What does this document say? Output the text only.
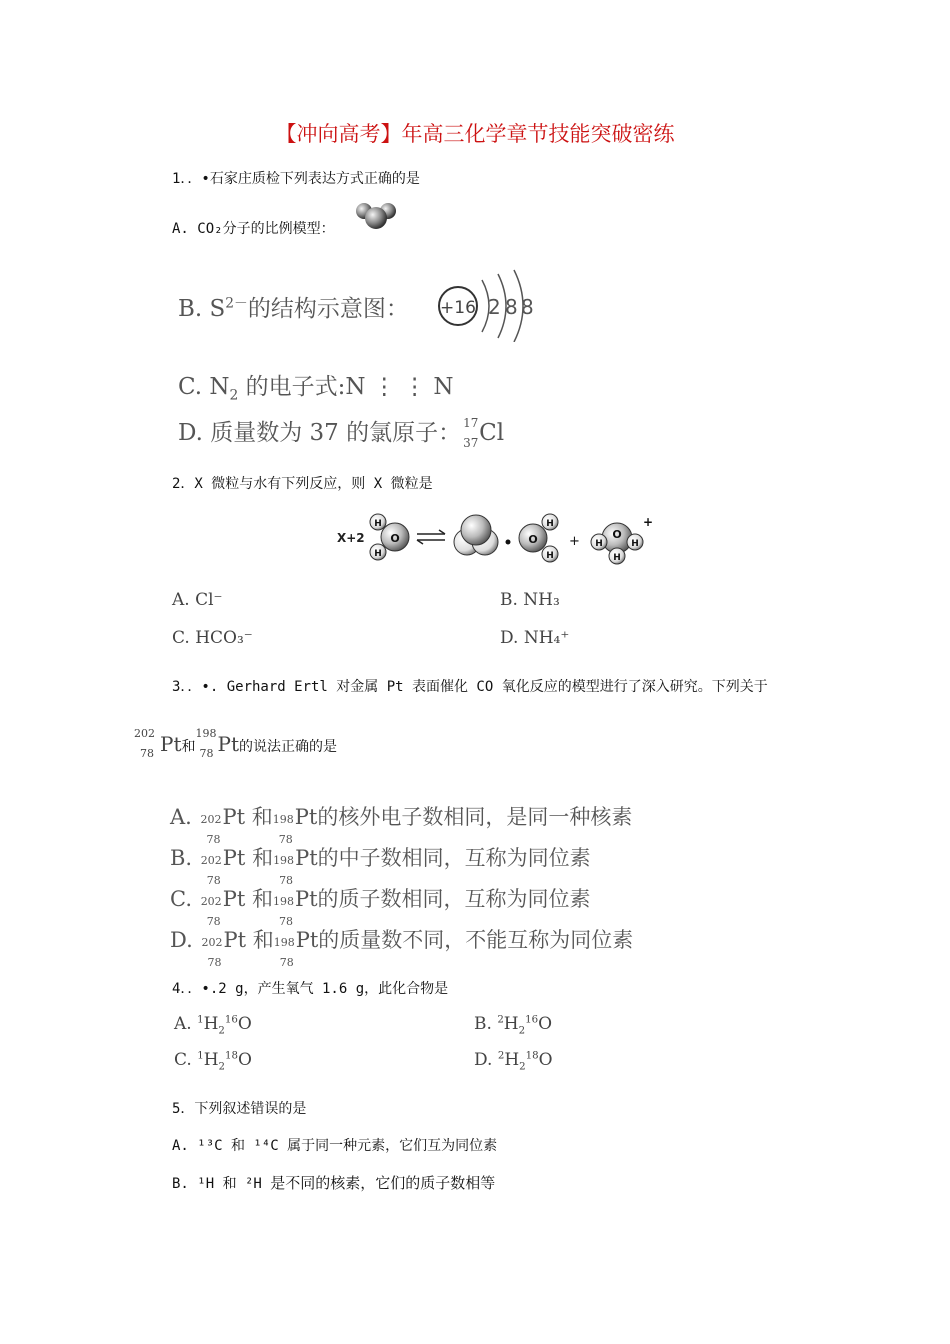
【冲向高考】年高三化学章节技能突破密练
1．．•石家庄质检下列表达方式正确的是
A. CO₂分子的比例模型：
B. $S^{2-}$的结构示意图： +16 2 8 8
C. $N_2$ 的电子式:N ⋮ ⋮ N
D. 质量数为 37 的氯原子： 17
37 Cl
2．X 微粒与水有下列反应，则 X 微粒是
X+2 O
H
H
O
H
H
+	O
H	H
H
+
A. Cl⁻	B. NH₃
C. HCO₃⁻	D. NH₄⁺
3．．•. Gerhard Ertl 对金属 Pt 表面催化 CO 氧化反应的模型进行了深入研究。下列关于
202
78 Pt和
198
78 Pt的说法正确的是
A. 202
78
Pt 和 198
78
Pt的核外电子数相同，是同一种核素
B. 202
78
Pt 和 198
78
Pt的中子数相同，互称为同位素
C. 202
78
Pt 和 198
78
Pt的质子数相同，互称为同位素
D. 202
78
Pt 和 198
78
Pt的质量数不同，不能互称为同位素
4．．•.2 g，产生氧气 1.6 g，此化合物是
A. $^1H_2^{16}O$	B. $^2H_2^{16}O$
C. $^1H_2^{18}O$	D. $^2H_2^{18}O$
5．下列叙述错误的是
A. ¹³C 和 ¹⁴C 属于同一种元素，它们互为同位素
B. ¹H 和 ²H 是不同的核素，它们的质子数相等
